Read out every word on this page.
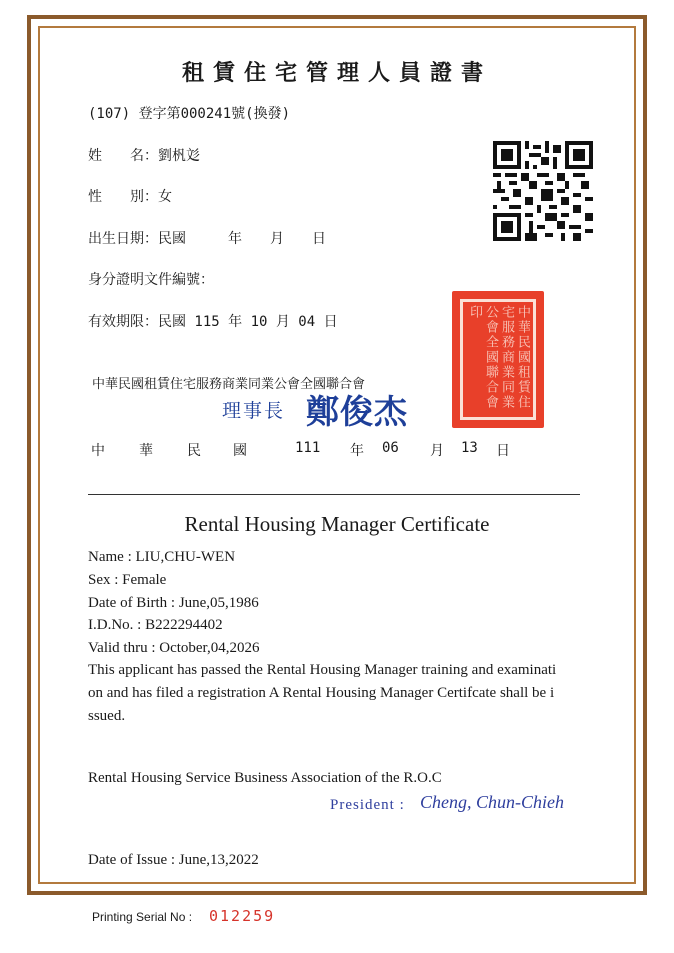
租賃住宅管理人員證書
(107) 登字第000241號(換發)
姓　　名：劉杋彣
性　　別：女
出生日期：民國　　　年　　月　　日
身分證明文件編號：
有效期限：民國 115 年 10 月 04 日	中華民國租賃住宅服務商業同業公會全國聯合會印
中華民國租賃住宅服務商業同業公會全國聯合會
理事長 鄭俊杰
中 華 民 國	111 年 06 月 13 日
Rental Housing Manager Certificate
Name : LIU,CHU-WEN
Sex : Female
Date of Birth : June,05,1986
I.D.No. : B222294402
Valid thru : October,04,2026
This applicant has passed the Rental Housing Manager training and examinati
on and has filed a registration A Rental Housing Manager Certifcate shall be i
ssued.
Rental Housing Service Business Association of the R.O.C
President : Cheng, Chun-Chieh
Date of Issue : June,13,2022
Printing Serial No : 012259
